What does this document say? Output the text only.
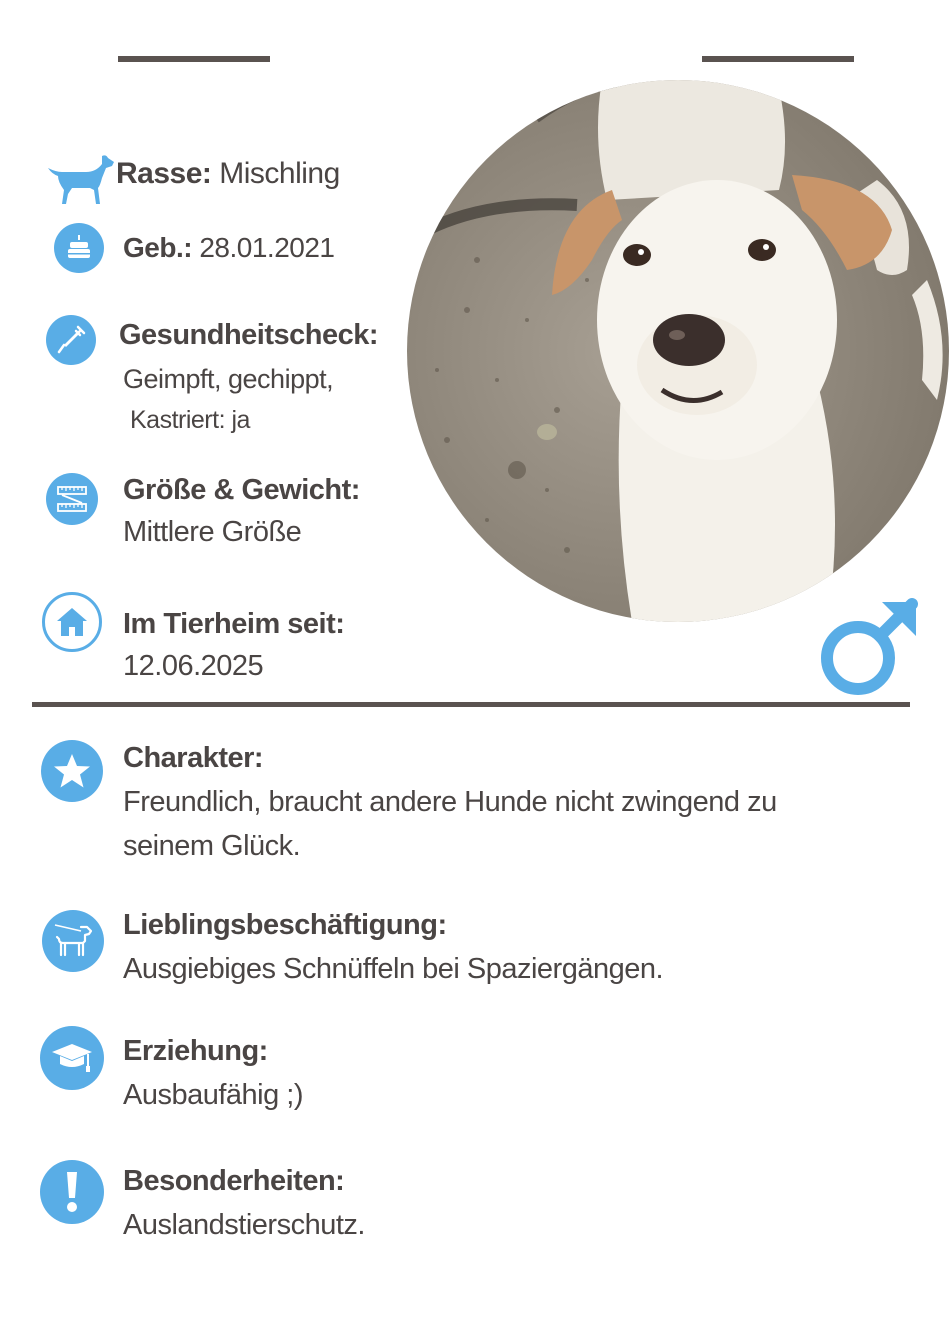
Rasse: Mischling
Geb.: 28.01.2021
Gesundheitscheck:
Geimpft, gechippt,
Kastriert: ja
Größe & Gewicht:
Mittlere Größe
Im Tierheim seit:
12.06.2025
Charakter:
Freundlich, braucht andere Hunde nicht zwingend zu
seinem Glück.
Lieblingsbeschäftigung:
Ausgiebiges Schnüffeln bei Spaziergängen.
Erziehung:
Ausbaufähig ;)
Besonderheiten:
Auslandstierschutz.
